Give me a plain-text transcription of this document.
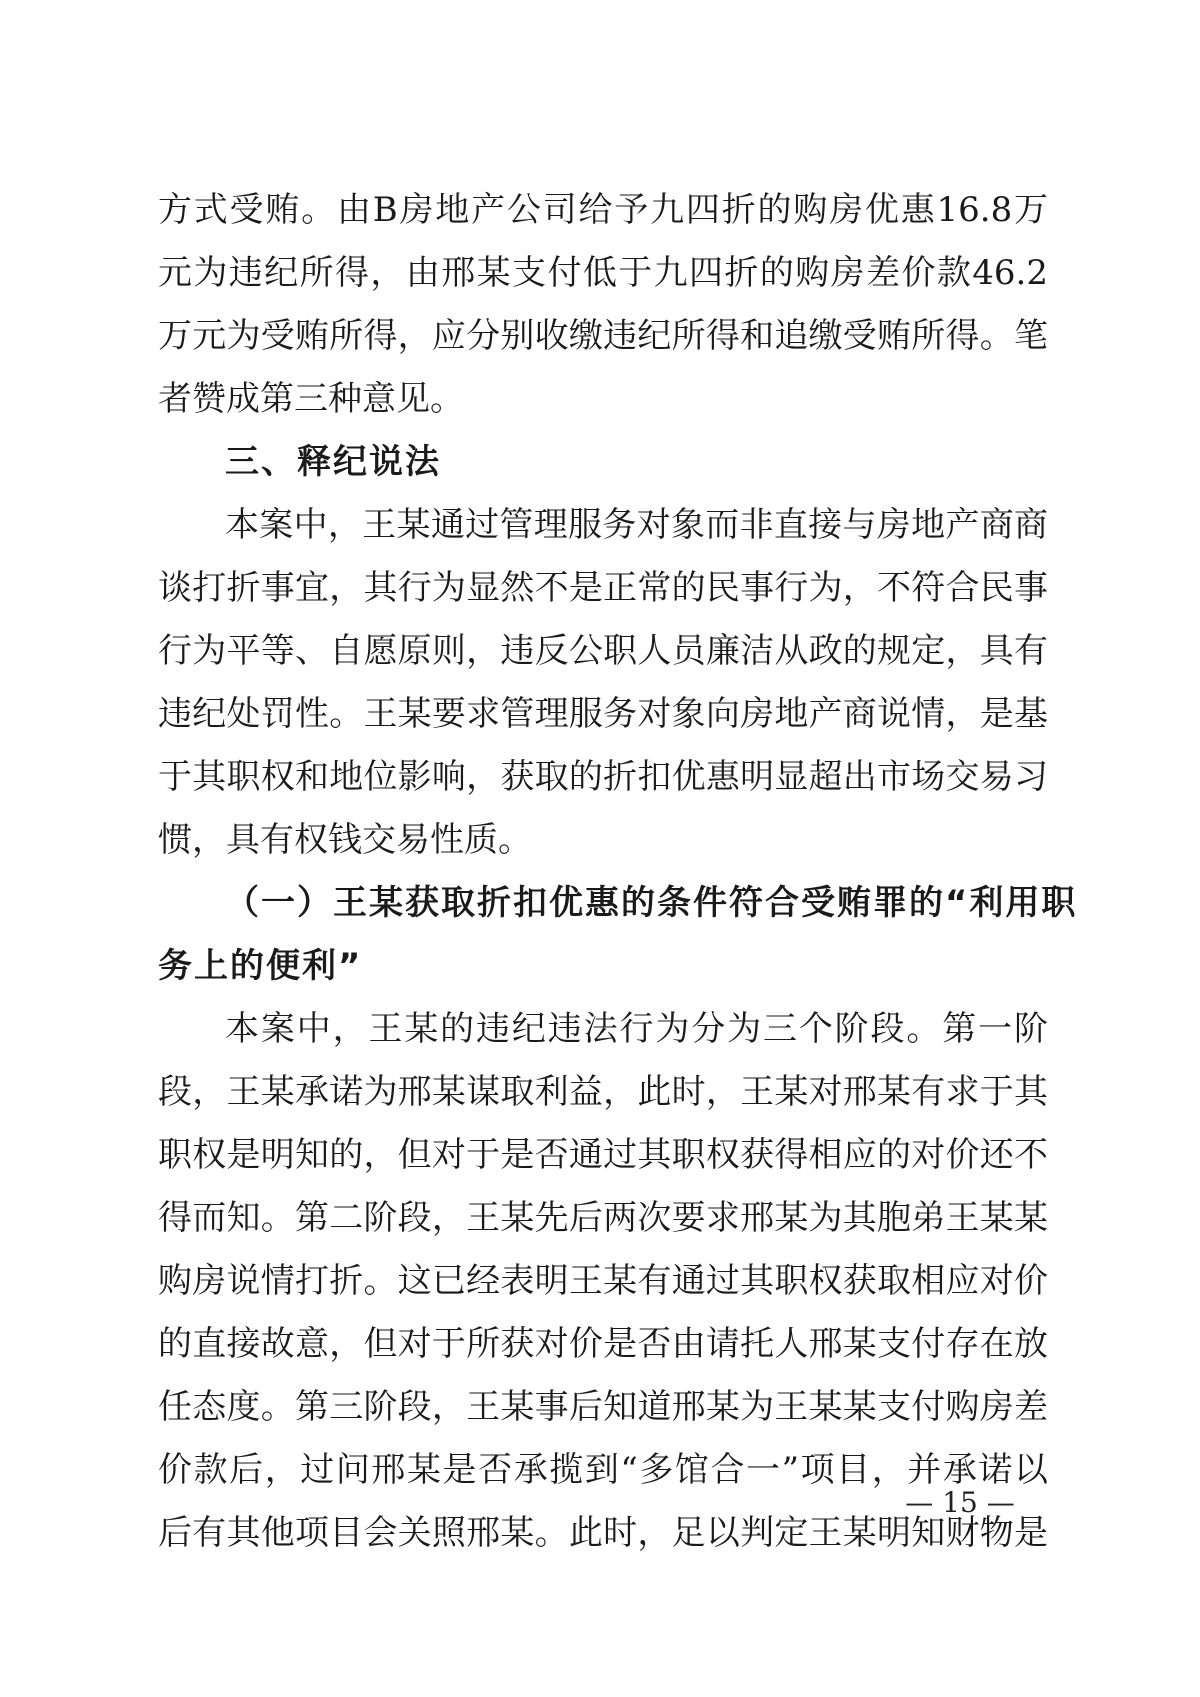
方式受贿。由B房地产公司给予九四折的购房优惠16.8万
元为违纪所得，由邢某支付低于九四折的购房差价款46.2
万元为受贿所得，应分别收缴违纪所得和追缴受贿所得。笔
者赞成第三种意见。
三、释纪说法
本案中，王某通过管理服务对象而非直接与房地产商商
谈打折事宜，其行为显然不是正常的民事行为，不符合民事
行为平等、自愿原则，违反公职人员廉洁从政的规定，具有
违纪处罚性。王某要求管理服务对象向房地产商说情，是基
于其职权和地位影响，获取的折扣优惠明显超出市场交易习
惯，具有权钱交易性质。
（一）王某获取折扣优惠的条件符合受贿罪的“利用职
务上的便利”
本案中，王某的违纪违法行为分为三个阶段。第一阶
段，王某承诺为邢某谋取利益，此时，王某对邢某有求于其
职权是明知的，但对于是否通过其职权获得相应的对价还不
得而知。第二阶段，王某先后两次要求邢某为其胞弟王某某
购房说情打折。这已经表明王某有通过其职权获取相应对价
的直接故意，但对于所获对价是否由请托人邢某支付存在放
任态度。第三阶段，王某事后知道邢某为王某某支付购房差
价款后，过问邢某是否承揽到“多馆合一”项目，并承诺以
后有其他项目会关照邢某。此时，足以判定王某明知财物是
— 15 —
